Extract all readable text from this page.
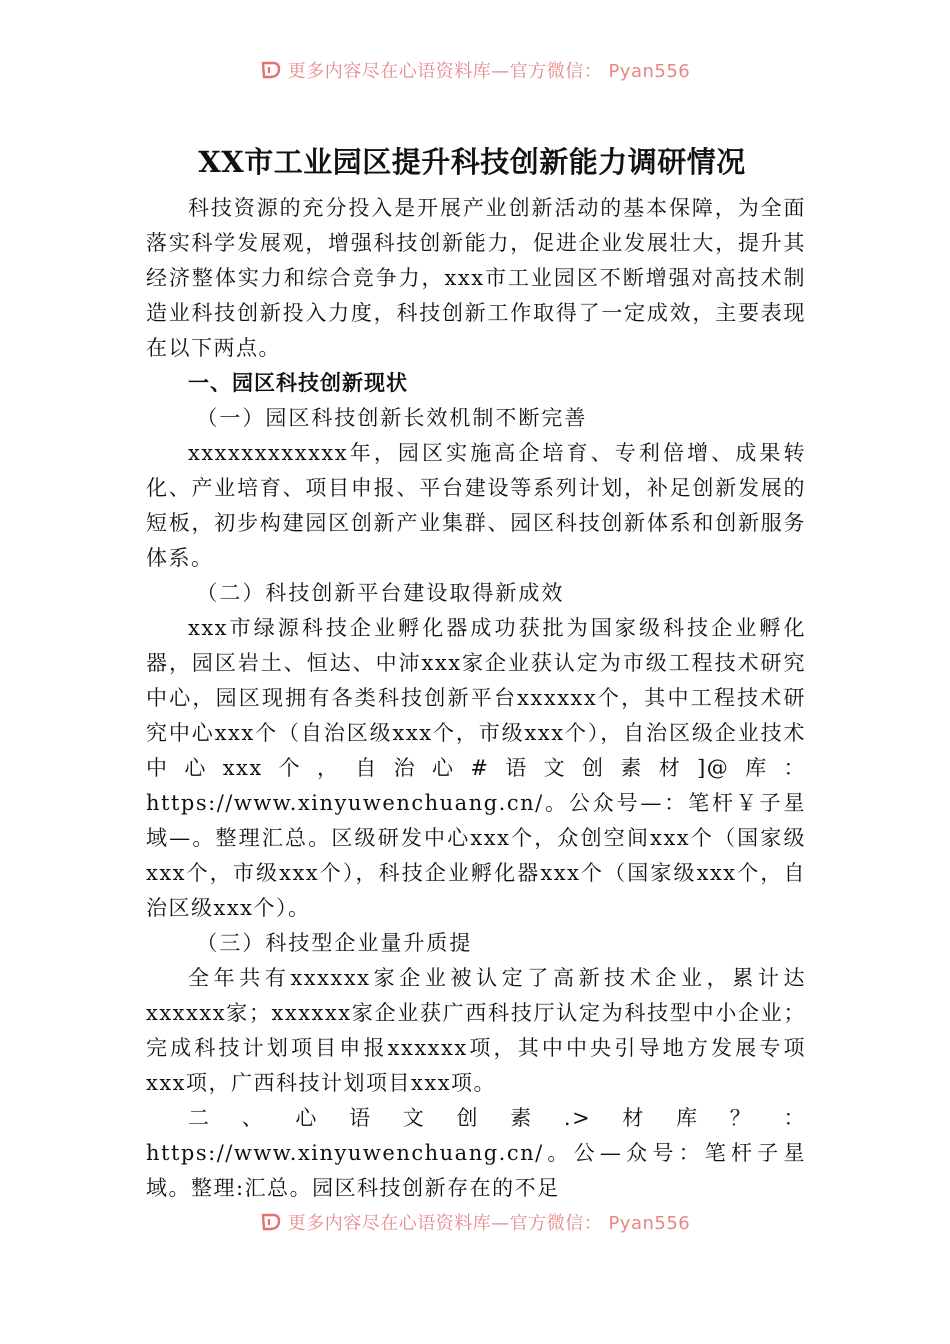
更多内容尽在心语资料库—官方微信： Pyan556
XX市工业园区提升科技创新能力调研情况

科技资源的充分投入是开展产业创新活动的基本保障，为全面落实科学发展观，增强科技创新能力，促进企业发展壮大，提升其经济整体实力和综合竞争力，xxx市工业园区不断增强对高技术制造业科技创新投入力度，科技创新工作取得了一定成效，主要表现在以下两点。

一、园区科技创新现状

（一）园区科技创新长效机制不断完善

xxxxxxxxxxxx年，园区实施高企培育、专利倍增、成果转化、产业培育、项目申报、平台建设等系列计划，补足创新发展的短板，初步构建园区创新产业集群、园区科技创新体系和创新服务体系。

（二）科技创新平台建设取得新成效

xxx市绿源科技企业孵化器成功获批为国家级科技企业孵化器，园区岩土、恒达、中沛xxx家企业获认定为市级工程技术研究中心，园区现拥有各类科技创新平台xxxxxx个，其中工程技术研究中心xxx个（自治区级xxx个，市级xxx个），自治区级企业技术中心xxx个，自治心#语文创素材]@库：https://www.xinyuwenchuang.cn/。公众号—：笔杆￥子星域—。整理汇总。区级研发中心xxx个，众创空间xxx个（国家级xxx个，市级xxx个），科技企业孵化器xxx个（国家级xxx个，自治区级xxx个）。

（三）科技型企业量升质提

全年共有xxxxxx家企业被认定了高新技术企业，累计达xxxxxx家；xxxxxx家企业获广西科技厅认定为科技型中小企业；完成科技计划项目申报xxxxxx项，其中中央引导地方发展专项xxx项，广西科技计划项目xxx项。

二、心语文创素.>材库？：https://www.xinyuwenchuang.cn/。公—众号：笔杆子星域。整理:汇总。园区科技创新存在的不足

更多内容尽在心语资料库—官方微信： Pyan556
